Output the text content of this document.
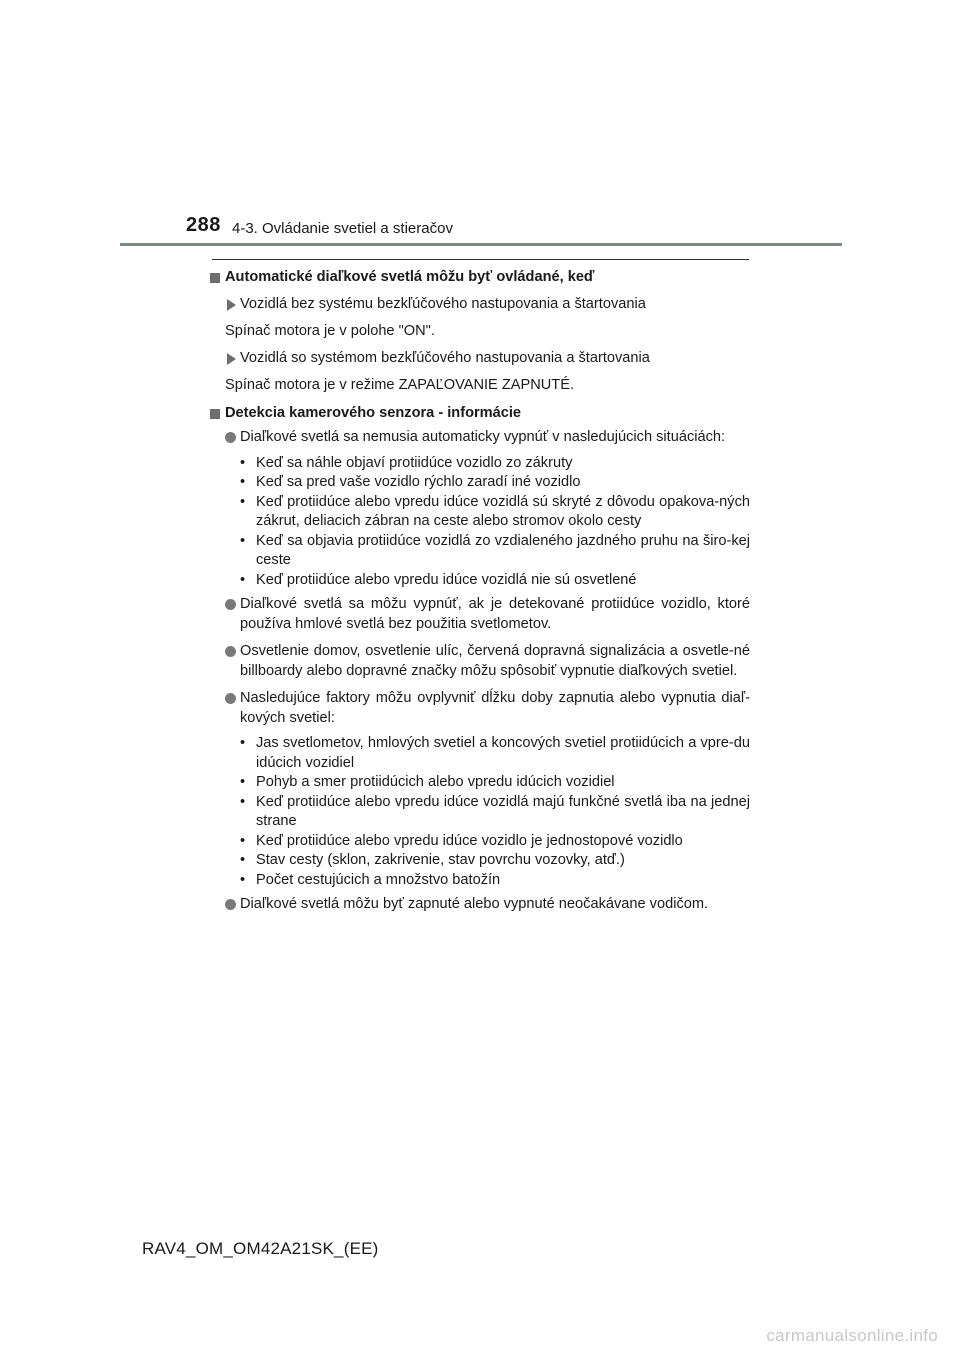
288 4-3. Ovládanie svetiel a stieračov

Automatické diaľkové svetlá môžu byť ovládané, keď

Vozidlá bez systému bezkľúčového nastupovania a štartovania

Spínač motora je v polohe "ON".

Vozidlá so systémom bezkľúčového nastupovania a štartovania

Spínač motora je v režime ZAPAĽOVANIE ZAPNUTÉ.

Detekcia kamerového senzora - informácie

Diaľkové svetlá sa nemusia automaticky vypnúť v nasledujúcich situáciách:

• Keď sa náhle objaví protiidúce vozidlo zo zákruty
• Keď sa pred vaše vozidlo rýchlo zaradí iné vozidlo
• Keď protiidúce alebo vpredu idúce vozidlá sú skryté z dôvodu opakova-ných zákrut, deliacich zábran na ceste alebo stromov okolo cesty
• Keď sa objavia protiidúce vozidlá zo vzdialeného jazdného pruhu na širo-kej ceste
• Keď protiidúce alebo vpredu idúce vozidlá nie sú osvetlené

Diaľkové svetlá sa môžu vypnúť, ak je detekované protiidúce vozidlo, ktoré používa hmlové svetlá bez použitia svetlometov.

Osvetlenie domov, osvetlenie ulíc, červená dopravná signalizácia a osvetle-né billboardy alebo dopravné značky môžu spôsobiť vypnutie diaľkových svetiel.

Nasledujúce faktory môžu ovplyvniť dĺžku doby zapnutia alebo vypnutia diaľ-kových svetiel:

• Jas svetlometov, hmlových svetiel a koncových svetiel protiidúcich a vpre-du idúcich vozidiel
• Pohyb a smer protiidúcich alebo vpredu idúcich vozidiel
• Keď protiidúce alebo vpredu idúce vozidlá majú funkčné svetlá iba na jednej strane
• Keď protiidúce alebo vpredu idúce vozidlo je jednostopové vozidlo
• Stav cesty (sklon, zakrivenie, stav povrchu vozovky, atď.)
• Počet cestujúcich a množstvo batožín

Diaľkové svetlá môžu byť zapnuté alebo vypnuté neočakávane vodičom.

RAV4_OM_OM42A21SK_(EE)
carmanualsonline.info
